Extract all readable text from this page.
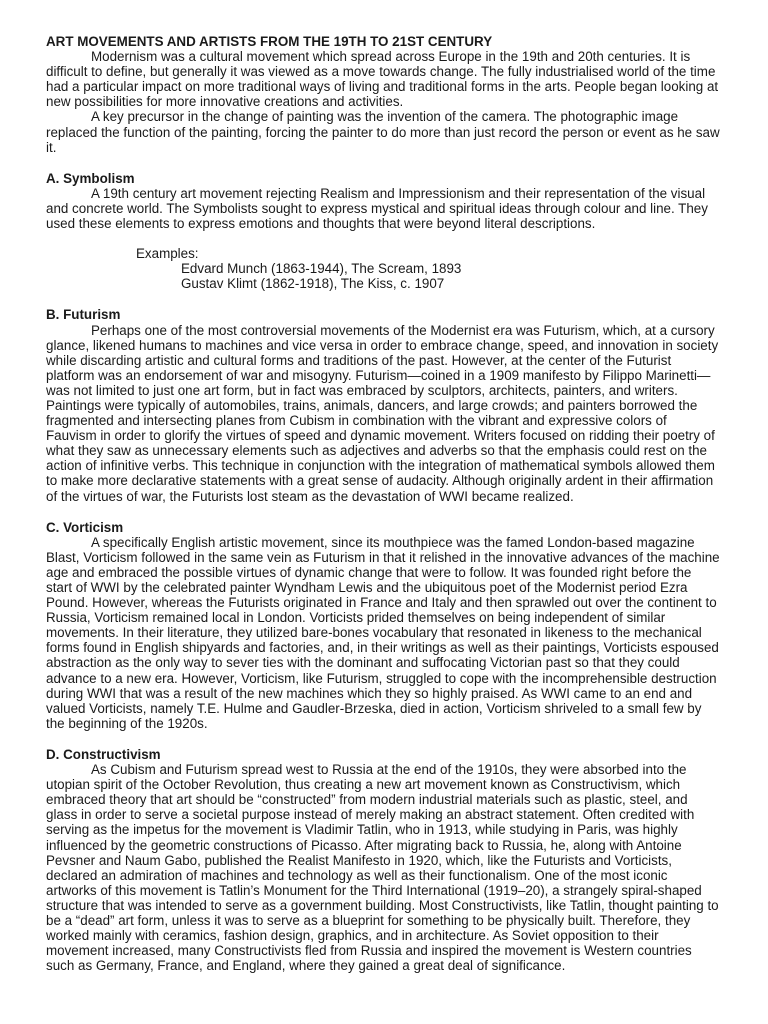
ART MOVEMENTS AND ARTISTS FROM THE 19TH TO 21ST CENTURY

Modernism was a cultural movement which spread across Europe in the 19th and 20th centuries. It is difficult to define, but generally it was viewed as a move towards change. The fully industrialised world of the time had a particular impact on more traditional ways of living and traditional forms in the arts. People began looking at new possibilities for more innovative creations and activities.

A key precursor in the change of painting was the invention of the camera. The photographic image replaced the function of the painting, forcing the painter to do more than just record the person or event as he saw it.

A. Symbolism

A 19th century art movement rejecting Realism and Impressionism and their representation of the visual and concrete world. The Symbolists sought to express mystical and spiritual ideas through colour and line. They used these elements to express emotions and thoughts that were beyond literal descriptions.

Examples:
Edvard Munch (1863-1944), The Scream, 1893
Gustav Klimt (1862-1918), The Kiss, c. 1907
B. Futurism

Perhaps one of the most controversial movements of the Modernist era was Futurism, which, at a cursory glance, likened humans to machines and vice versa in order to embrace change, speed, and innovation in society while discarding artistic and cultural forms and traditions of the past. However, at the center of the Futurist platform was an endorsement of war and misogyny. Futurism—coined in a 1909 manifesto by Filippo Marinetti—was not limited to just one art form, but in fact was embraced by sculptors, architects, painters, and writers. Paintings were typically of automobiles, trains, animals, dancers, and large crowds; and painters borrowed the fragmented and intersecting planes from Cubism in combination with the vibrant and expressive colors of Fauvism in order to glorify the virtues of speed and dynamic movement. Writers focused on ridding their poetry of what they saw as unnecessary elements such as adjectives and adverbs so that the emphasis could rest on the action of infinitive verbs. This technique in conjunction with the integration of mathematical symbols allowed them to make more declarative statements with a great sense of audacity. Although originally ardent in their affirmation of the virtues of war, the Futurists lost steam as the devastation of WWI became realized.

C. Vorticism

A specifically English artistic movement, since its mouthpiece was the famed London-based magazine Blast, Vorticism followed in the same vein as Futurism in that it relished in the innovative advances of the machine age and embraced the possible virtues of dynamic change that were to follow. It was founded right before the start of WWI by the celebrated painter Wyndham Lewis and the ubiquitous poet of the Modernist period Ezra Pound. However, whereas the Futurists originated in France and Italy and then sprawled out over the continent to Russia, Vorticism remained local in London. Vorticists prided themselves on being independent of similar movements. In their literature, they utilized bare-bones vocabulary that resonated in likeness to the mechanical forms found in English shipyards and factories, and, in their writings as well as their paintings, Vorticists espoused abstraction as the only way to sever ties with the dominant and suffocating Victorian past so that they could advance to a new era. However, Vorticism, like Futurism, struggled to cope with the incomprehensible destruction during WWI that was a result of the new machines which they so highly praised. As WWI came to an end and valued Vorticists, namely T.E. Hulme and Gaudler-Brzeska, died in action, Vorticism shriveled to a small few by the beginning of the 1920s.

D. Constructivism

As Cubism and Futurism spread west to Russia at the end of the 1910s, they were absorbed into the utopian spirit of the October Revolution, thus creating a new art movement known as Constructivism, which embraced theory that art should be “constructed” from modern industrial materials such as plastic, steel, and glass in order to serve a societal purpose instead of merely making an abstract statement. Often credited with serving as the impetus for the movement is Vladimir Tatlin, who in 1913, while studying in Paris, was highly influenced by the geometric constructions of Picasso. After migrating back to Russia, he, along with Antoine Pevsner and Naum Gabo, published the Realist Manifesto in 1920, which, like the Futurists and Vorticists, declared an admiration of machines and technology as well as their functionalism. One of the most iconic artworks of this movement is Tatlin’s Monument for the Third International (1919–20), a strangely spiral-shaped structure that was intended to serve as a government building. Most Constructivists, like Tatlin, thought painting to be a “dead” art form, unless it was to serve as a blueprint for something to be physically built. Therefore, they worked mainly with ceramics, fashion design, graphics, and in architecture. As Soviet opposition to their movement increased, many Constructivists fled from Russia and inspired the movement is Western countries such as Germany, France, and England, where they gained a great deal of significance.
